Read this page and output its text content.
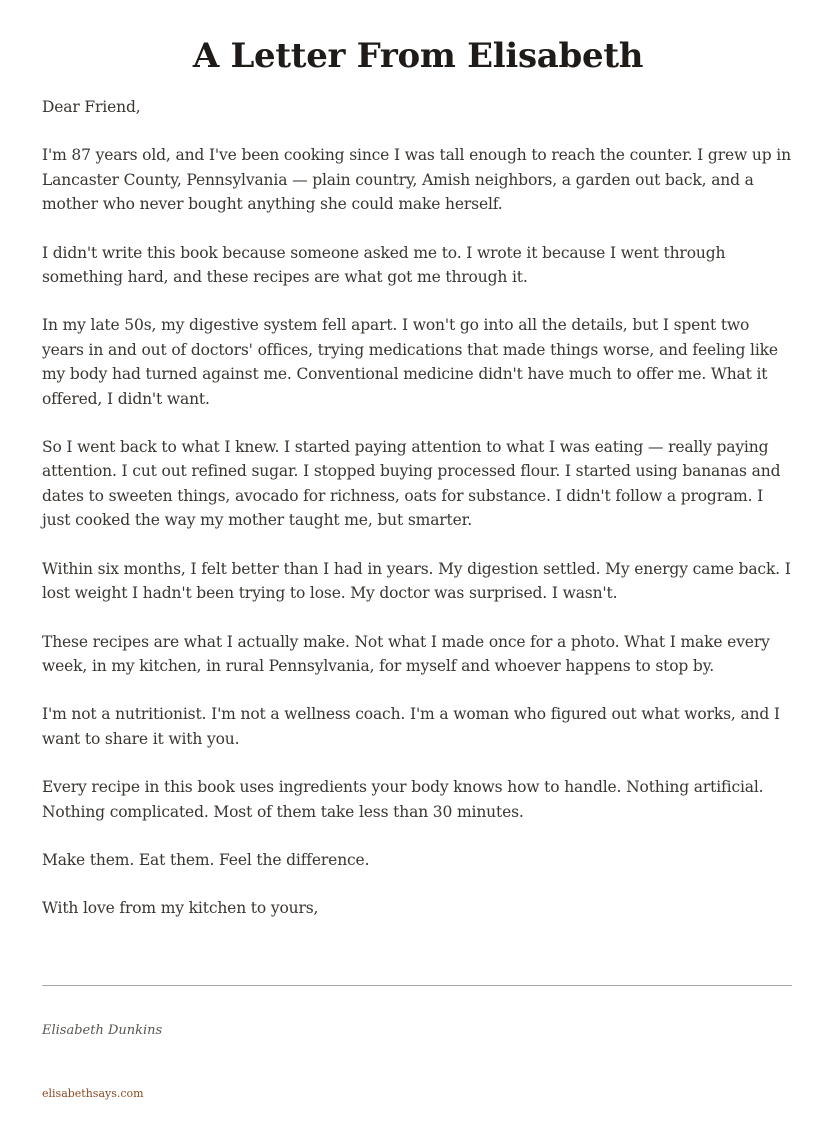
A Letter From Elisabeth

Dear Friend,

I'm 87 years old, and I've been cooking since I was tall enough to reach the counter. I grew up in Lancaster County, Pennsylvania — plain country, Amish neighbors, a garden out back, and a mother who never bought anything she could make herself.

I didn't write this book because someone asked me to. I wrote it because I went through something hard, and these recipes are what got me through it.

In my late 50s, my digestive system fell apart. I won't go into all the details, but I spent two years in and out of doctors' offices, trying medications that made things worse, and feeling like my body had turned against me. Conventional medicine didn't have much to offer me. What it offered, I didn't want.

So I went back to what I knew. I started paying attention to what I was eating — really paying attention. I cut out refined sugar. I stopped buying processed flour. I started using bananas and dates to sweeten things, avocado for richness, oats for substance. I didn't follow a program. I just cooked the way my mother taught me, but smarter.

Within six months, I felt better than I had in years. My digestion settled. My energy came back. I lost weight I hadn't been trying to lose. My doctor was surprised. I wasn't.

These recipes are what I actually make. Not what I made once for a photo. What I make every week, in my kitchen, in rural Pennsylvania, for myself and whoever happens to stop by.

I'm not a nutritionist. I'm not a wellness coach. I'm a woman who figured out what works, and I want to share it with you.

Every recipe in this book uses ingredients your body knows how to handle. Nothing artificial. Nothing complicated. Most of them take less than 30 minutes.

Make them. Eat them. Feel the difference.

With love from my kitchen to yours,

Elisabeth Dunkins
elisabethsays.com
